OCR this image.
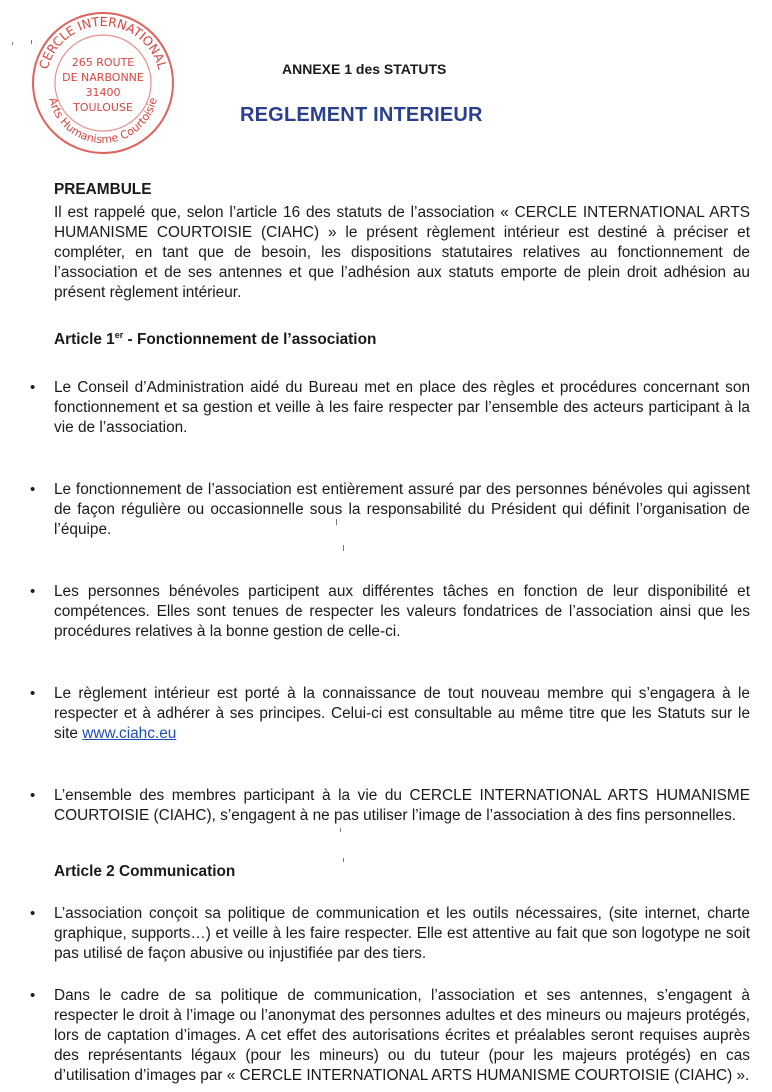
CERCLE INTERNATIONAL
265 ROUTE
DE NARBONNE
31400
TOULOUSE
Arts Humanisme Courtoisie
ANNEXE 1 des STATUTS
REGLEMENT INTERIEUR

PREAMBULE

Il est rappelé que, selon l’article 16 des statuts de l’association « CERCLE INTERNATIONAL ARTS HUMANISME COURTOISIE (CIAHC) » le présent règlement intérieur est destiné à préciser et compléter, en tant que de besoin, les dispositions statutaires relatives au fonctionnement de l’association et de ses antennes et que l’adhésion aux statuts emporte de plein droit adhésion au présent règlement intérieur.

Article 1er - Fonctionnement de l’association

• Le Conseil d’Administration aidé du Bureau met en place des règles et procédures concernant son fonctionnement et sa gestion et veille à les faire respecter par l’ensemble des acteurs participant à la vie de l’association.
• Le fonctionnement de l’association est entièrement assuré par des personnes bénévoles qui agissent de façon régulière ou occasionnelle sous la responsabilité du Président qui définit l’organisation de l’équipe.
• Les personnes bénévoles participent aux différentes tâches en fonction de leur disponibilité et compétences. Elles sont tenues de respecter les valeurs fondatrices de l’association ainsi que les procédures relatives à la bonne gestion de celle-ci.
• Le règlement intérieur est porté à la connaissance de tout nouveau membre qui s’engagera à le respecter et à adhérer à ses principes. Celui-ci est consultable au même titre que les Statuts sur le site www.ciahc.eu
• L’ensemble des membres participant à la vie du CERCLE INTERNATIONAL ARTS HUMANISME COURTOISIE (CIAHC), s’engagent à ne pas utiliser l’image de l’association à des fins personnelles.

Article 2 Communication

• L’association conçoit sa politique de communication et les outils nécessaires, (site internet, charte graphique, supports…) et veille à les faire respecter. Elle est attentive au fait que son logotype ne soit pas utilisé de façon abusive ou injustifiée par des tiers.
• Dans le cadre de sa politique de communication, l’association et ses antennes, s’engagent à respecter le droit à l’image ou l’anonymat des personnes adultes et des mineurs ou majeurs protégés, lors de captation d’images. A cet effet des autorisations écrites et préalables seront requises auprès des représentants légaux (pour les mineurs) ou du tuteur (pour les majeurs protégés) en cas d’utilisation d’images par « CERCLE INTERNATIONAL ARTS HUMANISME COURTOISIE (CIAHC) ».
